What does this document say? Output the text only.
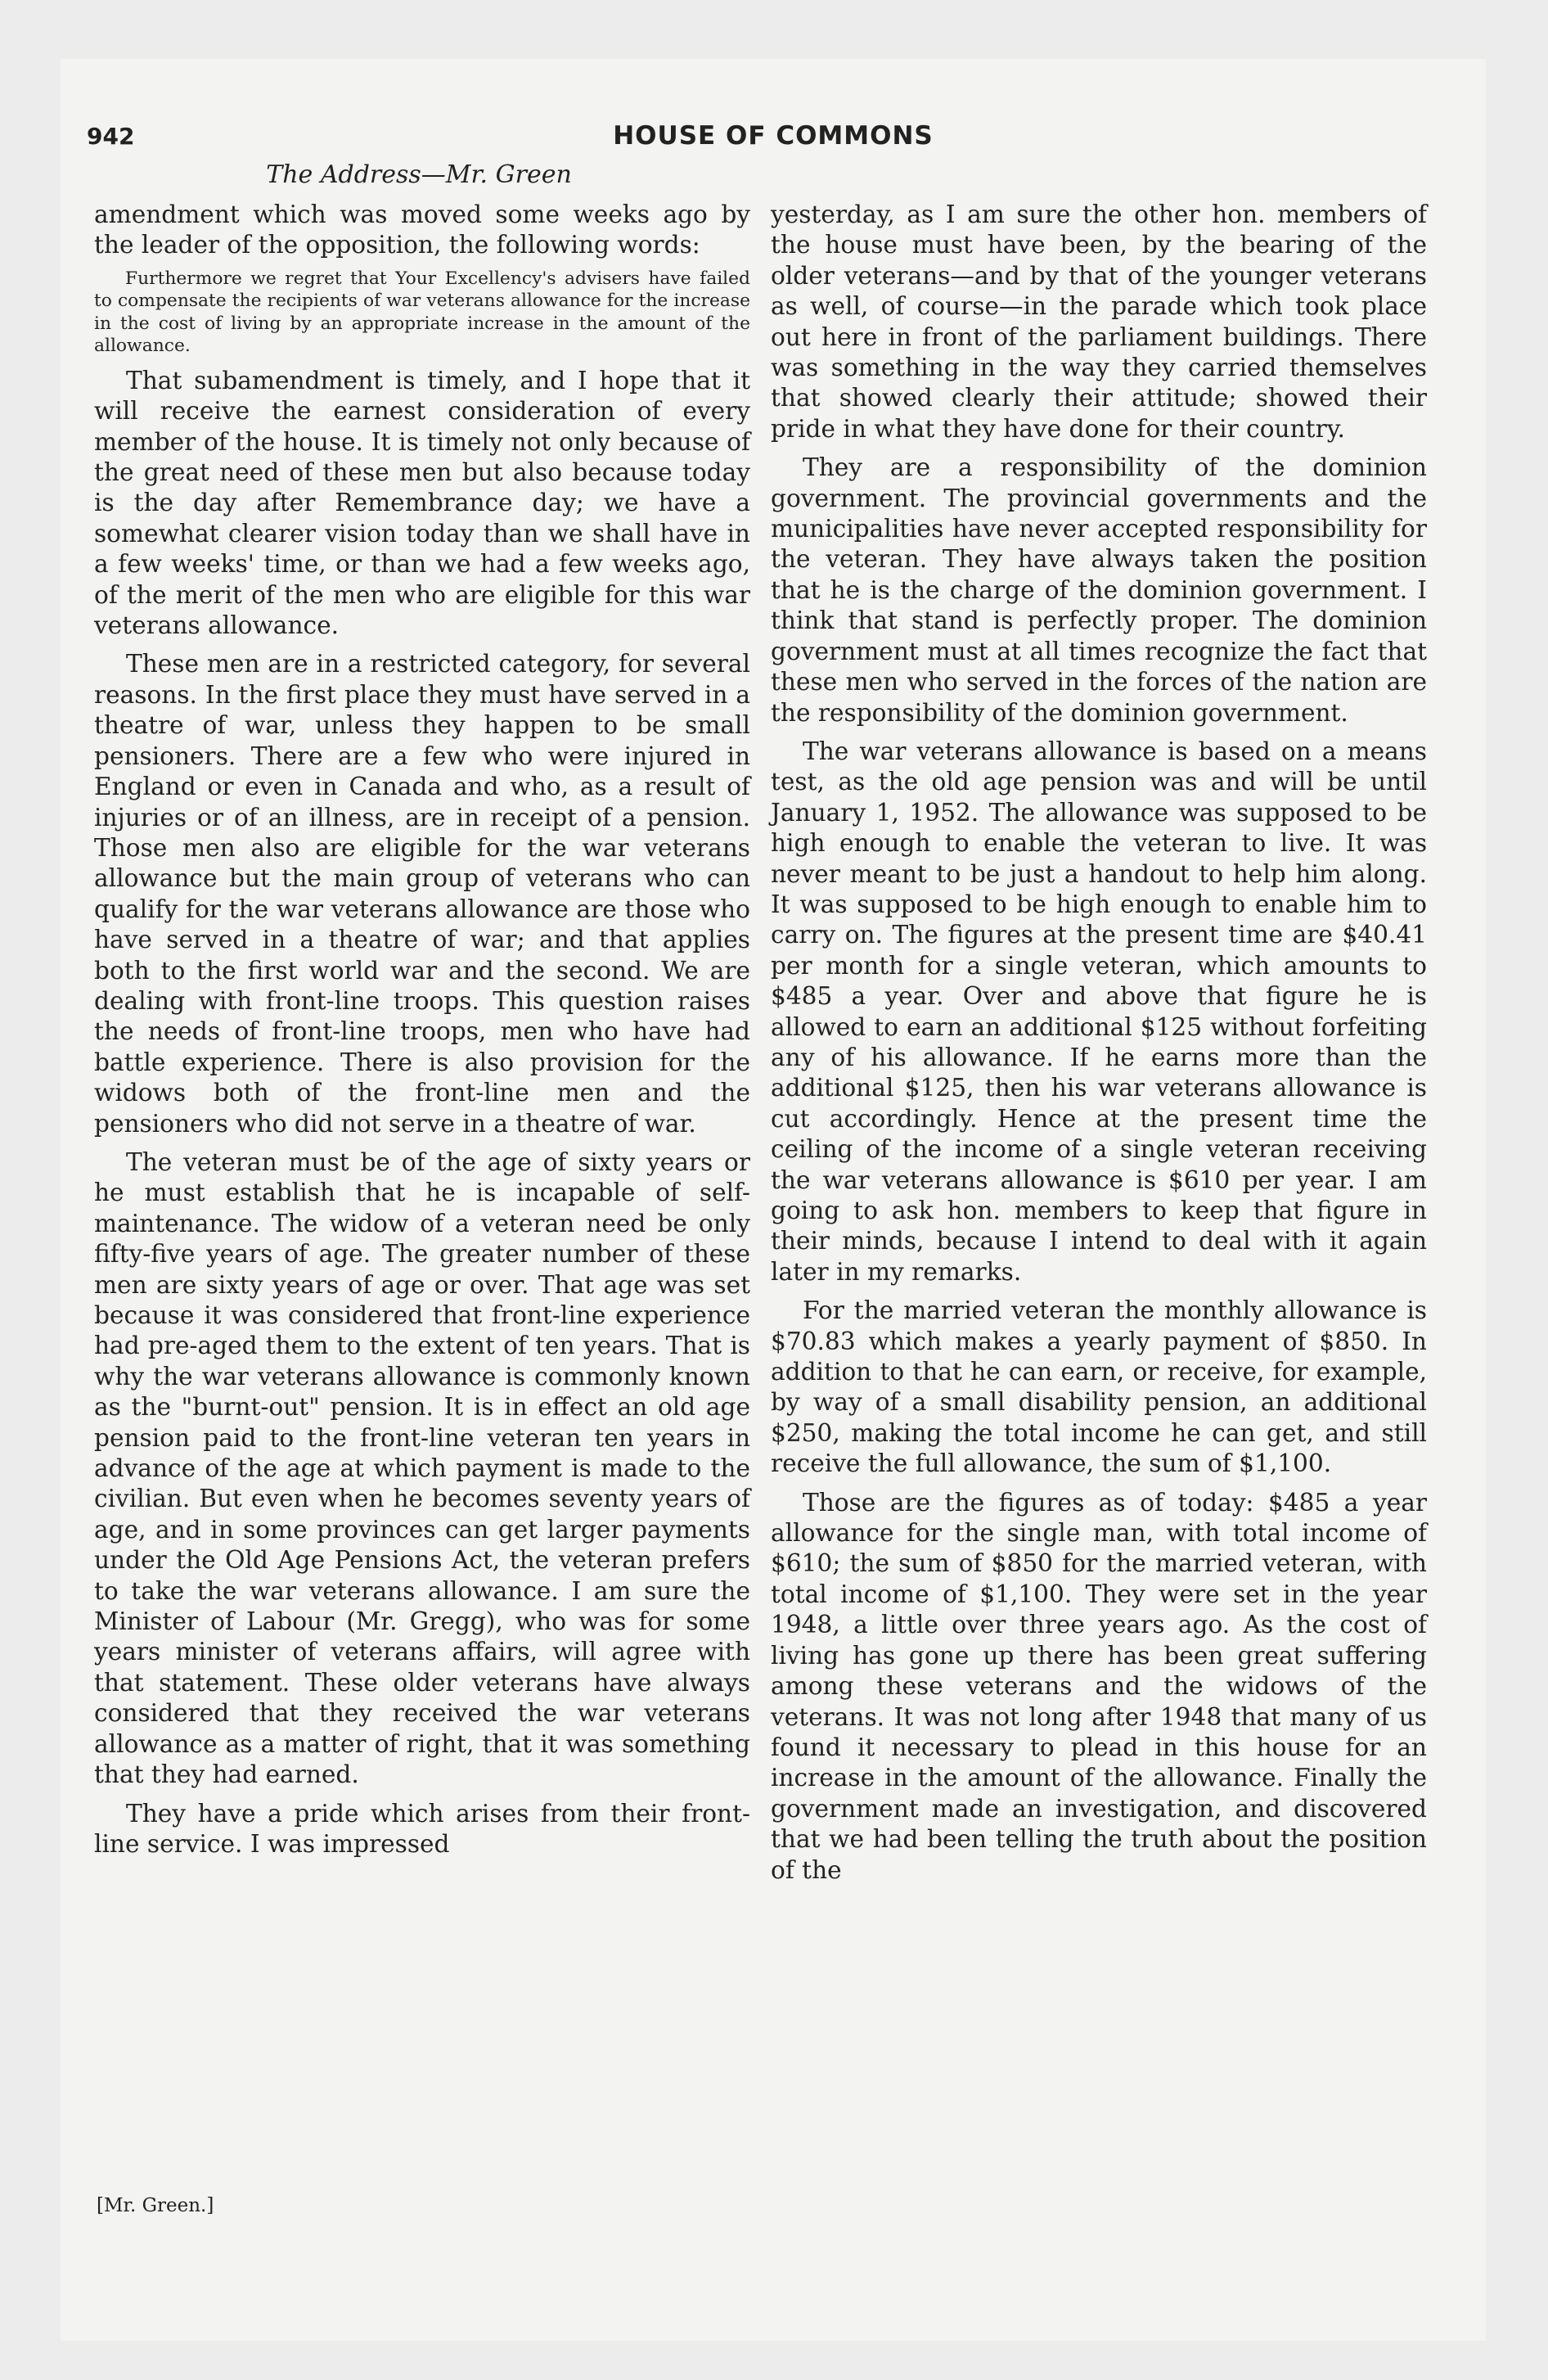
942	HOUSE OF COMMONS
The Address—Mr. Green

amendment which was moved some weeks ago by the leader of the opposition, the following words:

Furthermore we regret that Your Excellency's advisers have failed to compensate the recipients of war veterans allowance for the increase in the cost of living by an appropriate increase in the amount of the allowance.

That subamendment is timely, and I hope that it will receive the earnest consideration of every member of the house. It is timely not only because of the great need of these men but also because today is the day after Remembrance day; we have a somewhat clearer vision today than we shall have in a few weeks' time, or than we had a few weeks ago, of the merit of the men who are eligible for this war veterans allowance.

These men are in a restricted category, for several reasons. In the first place they must have served in a theatre of war, unless they happen to be small pensioners. There are a few who were injured in England or even in Canada and who, as a result of injuries or of an illness, are in receipt of a pension. Those men also are eligible for the war veterans allowance but the main group of veterans who can qualify for the war veterans allowance are those who have served in a theatre of war; and that applies both to the first world war and the second. We are dealing with front-line troops. This question raises the needs of front-line troops, men who have had battle experience. There is also provision for the widows both of the front-line men and the pensioners who did not serve in a theatre of war.

The veteran must be of the age of sixty years or he must establish that he is incapable of self-maintenance. The widow of a veteran need be only fifty-five years of age. The greater number of these men are sixty years of age or over. That age was set because it was considered that front-line experience had pre-aged them to the extent of ten years. That is why the war veterans allowance is commonly known as the "burnt-out" pension. It is in effect an old age pension paid to the front-line veteran ten years in advance of the age at which payment is made to the civilian. But even when he becomes seventy years of age, and in some provinces can get larger payments under the Old Age Pensions Act, the veteran prefers to take the war veterans allowance. I am sure the Minister of Labour (Mr. Gregg), who was for some years minister of veterans affairs, will agree with that statement. These older veterans have always considered that they received the war veterans allowance as a matter of right, that it was something that they had earned.

They have a pride which arises from their front-line service. I was impressed

yesterday, as I am sure the other hon. members of the house must have been, by the bearing of the older veterans—and by that of the younger veterans as well, of course—in the parade which took place out here in front of the parliament buildings. There was something in the way they carried themselves that showed clearly their attitude; showed their pride in what they have done for their country.

They are a responsibility of the dominion government. The provincial governments and the municipalities have never accepted responsibility for the veteran. They have always taken the position that he is the charge of the dominion government. I think that stand is perfectly proper. The dominion government must at all times recognize the fact that these men who served in the forces of the nation are the responsibility of the dominion government.

The war veterans allowance is based on a means test, as the old age pension was and will be until January 1, 1952. The allowance was supposed to be high enough to enable the veteran to live. It was never meant to be just a handout to help him along. It was supposed to be high enough to enable him to carry on. The figures at the present time are $40.41 per month for a single veteran, which amounts to $485 a year. Over and above that figure he is allowed to earn an additional $125 without forfeiting any of his allowance. If he earns more than the additional $125, then his war veterans allowance is cut accordingly. Hence at the present time the ceiling of the income of a single veteran receiving the war veterans allowance is $610 per year. I am going to ask hon. members to keep that figure in their minds, because I intend to deal with it again later in my remarks.

For the married veteran the monthly allowance is $70.83 which makes a yearly payment of $850. In addition to that he can earn, or receive, for example, by way of a small disability pension, an additional $250, making the total income he can get, and still receive the full allowance, the sum of $1,100.

Those are the figures as of today: $485 a year allowance for the single man, with total income of $610; the sum of $850 for the married veteran, with total income of $1,100. They were set in the year 1948, a little over three years ago. As the cost of living has gone up there has been great suffering among these veterans and the widows of the veterans. It was not long after 1948 that many of us found it necessary to plead in this house for an increase in the amount of the allowance. Finally the government made an investigation, and discovered that we had been telling the truth about the position of the

[Mr. Green.]
